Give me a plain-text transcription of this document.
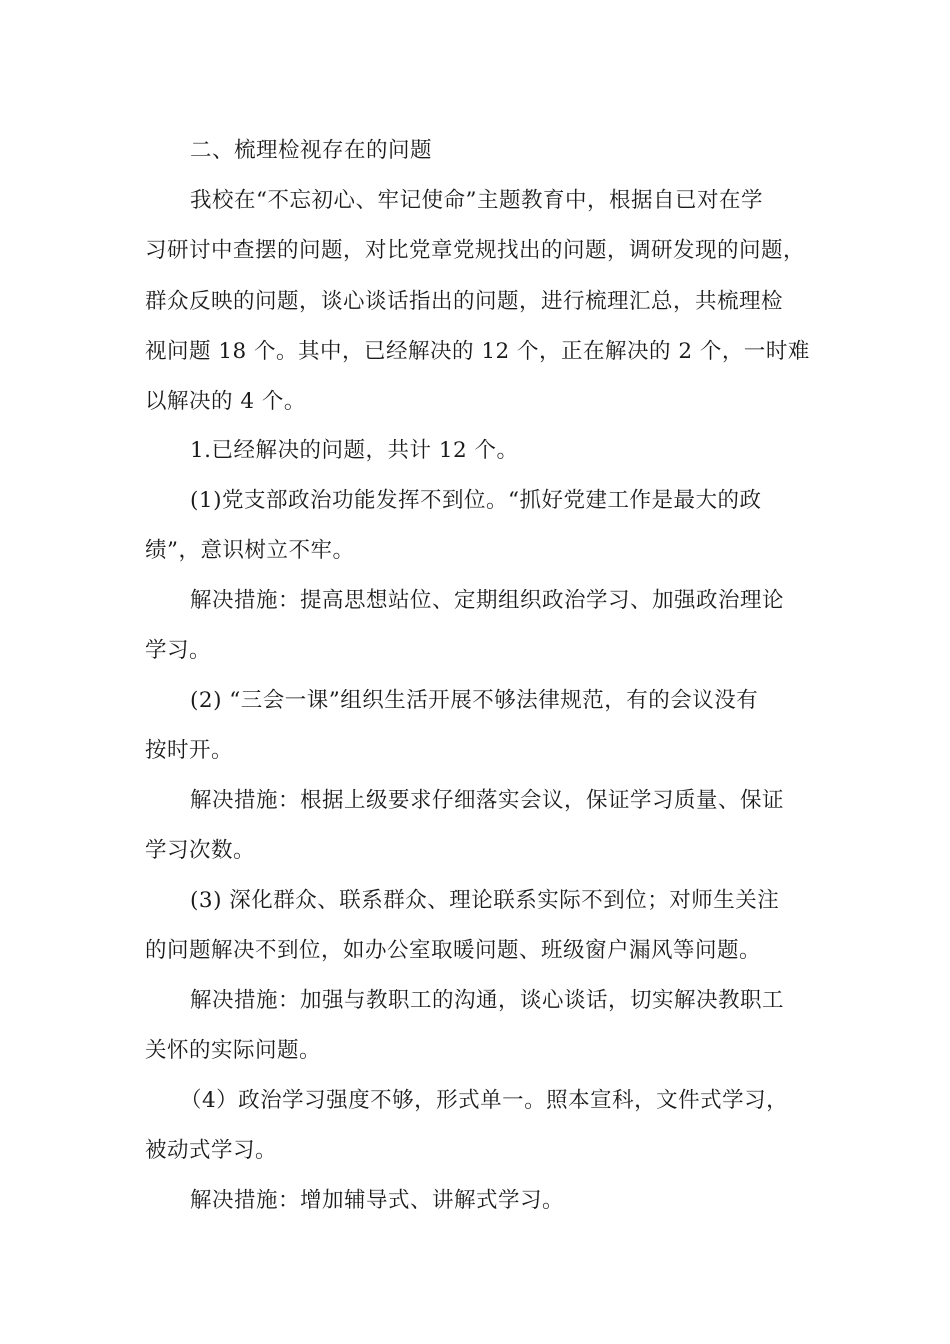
二、梳理检视存在的问题
我校在“不忘初心、牢记使命”主题教育中，根据自已对在学
习研讨中查摆的问题，对比党章党规找出的问题，调研发现的问题，
群众反映的问题，谈心谈话指出的问题，进行梳理汇总，共梳理检
视问题 18 个。其中，已经解决的 12 个，正在解决的 2 个，一时难
以解决的 4 个。
1.已经解决的问题，共计 12 个。
(1)党支部政治功能发挥不到位。“抓好党建工作是最大的政
绩”，意识树立不牢。
解决措施：提高思想站位、定期组织政治学习、加强政治理论
学习。
(2) “三会一课”组织生活开展不够法律规范，有的会议没有
按时开。
解决措施：根据上级要求仔细落实会议，保证学习质量、保证
学习次数。
(3) 深化群众、联系群众、理论联系实际不到位；对师生关注
的问题解决不到位，如办公室取暖问题、班级窗户漏风等问题。
解决措施：加强与教职工的沟通，谈心谈话，切实解决教职工
关怀的实际问题。
（4）政治学习强度不够，形式单一。照本宣科，文件式学习，
被动式学习。
解决措施：增加辅导式、讲解式学习。
